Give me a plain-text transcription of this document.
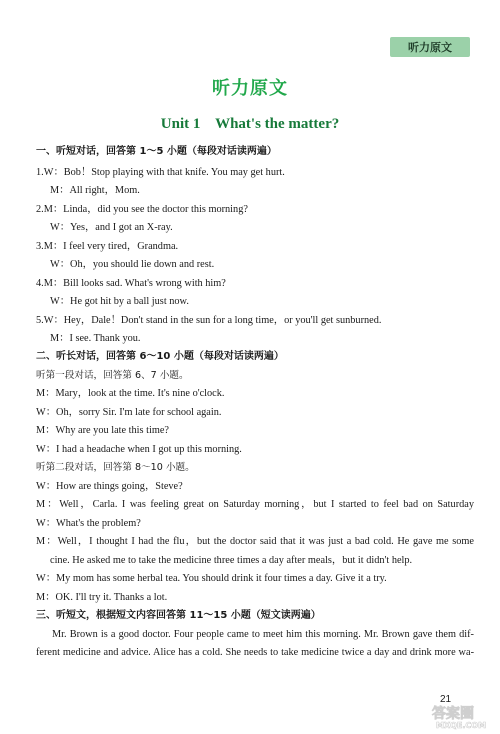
听力原文
听力原文
Unit 1    What's the matter?
一、听短对话，回答第 1～5 小题（每段对话读两遍）
1.W：Bob！Stop playing with that knife. You may get hurt.
M：All right，Mom.
2.M：Linda，did you see the doctor this morning?
W：Yes，and I got an X-ray.
3.M：I feel very tired，Grandma.
W：Oh，you should lie down and rest.
4.M：Bill looks sad. What's wrong with him?
W：He got hit by a ball just now.
5.W：Hey，Dale！Don't stand in the sun for a long time，or you'll get sunburned.
M：I see. Thank you.
二、听长对话，回答第 6～10 小题（每段对话读两遍）
听第一段对话，回答第 6、7 小题。
M：Mary，look at the time. It's nine o'clock.
W：Oh，sorry Sir. I'm late for school again.
M：Why are you late this time?
W：I had a headache when I got up this morning.
听第二段对话，回答第 8～10 小题。
W：How are things going，Steve?
M：Well，Carla. I was feeling great on Saturday morning，but I started to feel bad on Saturday
W：What's the problem?
M：Well，I thought I had the flu，but the doctor said that it was just a bad cold. He gave me some
cine. He asked me to take the medicine three times a day after meals，but it didn't help.
W：My mom has some herbal tea. You should drink it four times a day. Give it a try.
M：OK. I'll try it. Thanks a lot.
三、听短文，根据短文内容回答第 11～15 小题（短文读两遍）
Mr. Brown is a good doctor. Four people came to meet him this morning. Mr. Brown gave them dif-
ferent medicine and advice. Alice has a cold. She needs to take medicine twice a day and drink more wa-
21
答案圈
MXQE.COM
